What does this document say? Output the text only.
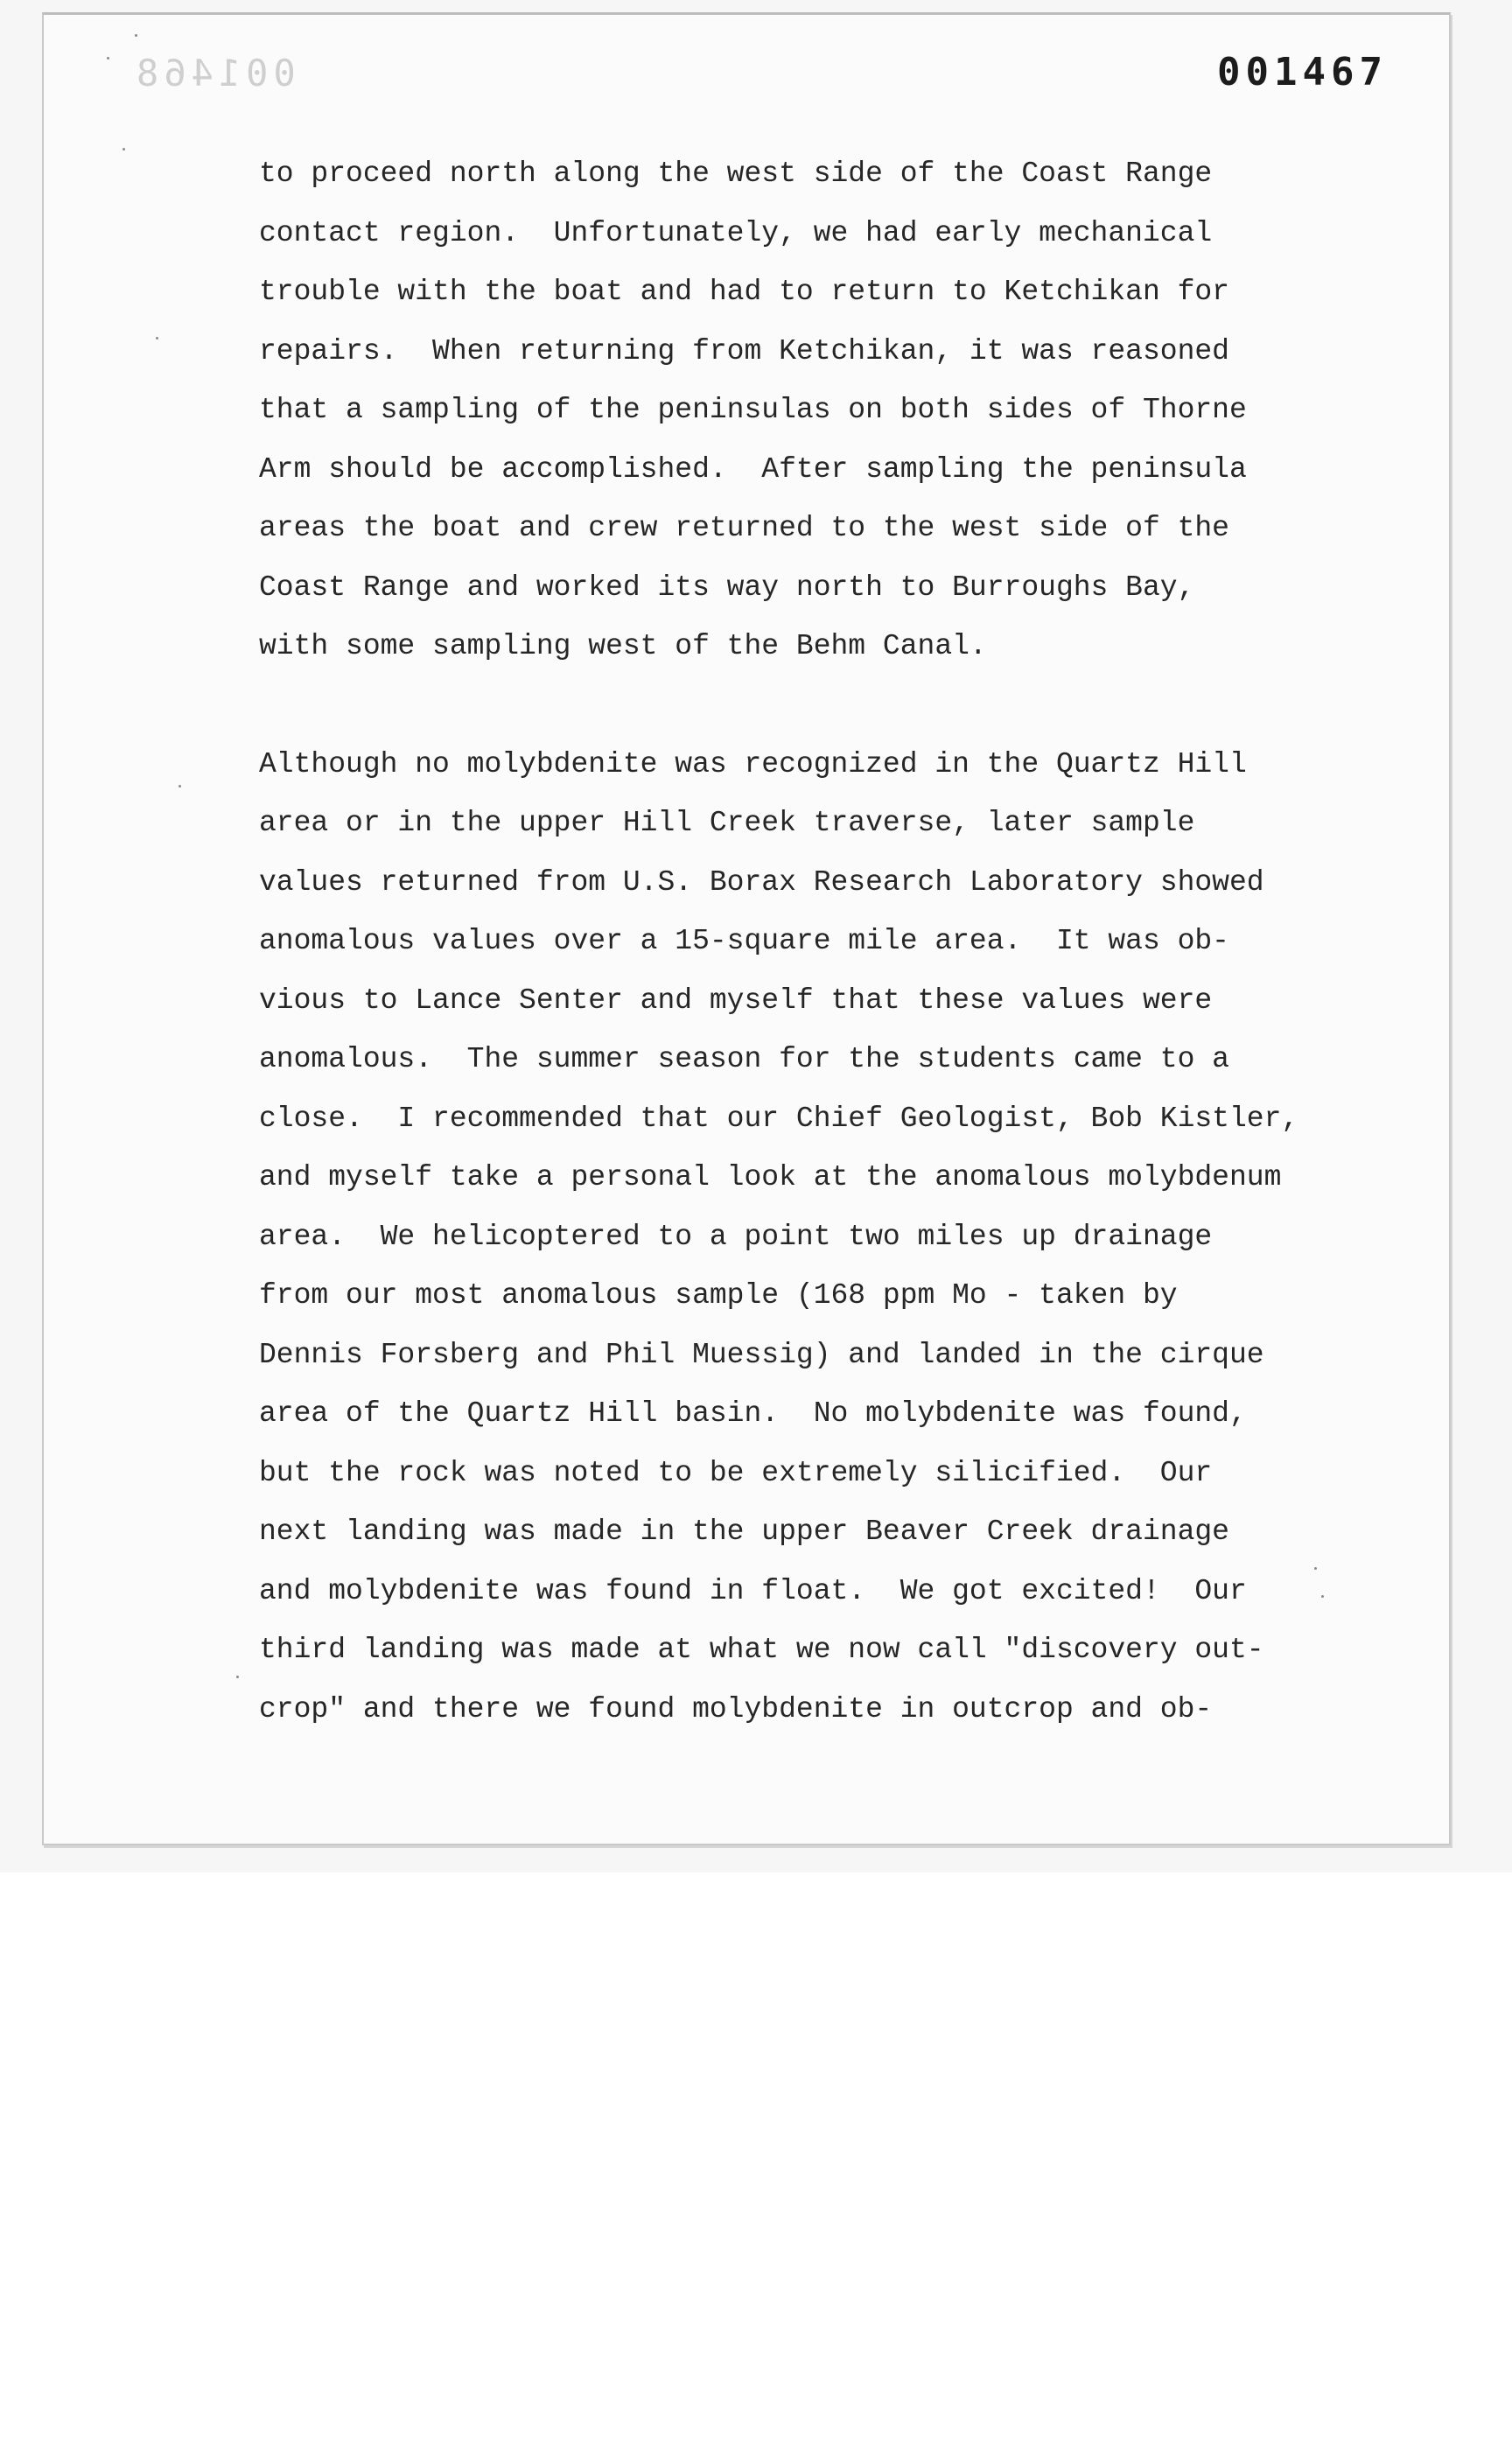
001468	001467
to proceed north along the west side of the Coast Range
contact region.  Unfortunately, we had early mechanical
trouble with the boat and had to return to Ketchikan for
repairs.  When returning from Ketchikan, it was reasoned
that a sampling of the peninsulas on both sides of Thorne
Arm should be accomplished.  After sampling the peninsula
areas the boat and crew returned to the west side of the
Coast Range and worked its way north to Burroughs Bay,
with some sampling west of the Behm Canal.
Although no molybdenite was recognized in the Quartz Hill
area or in the upper Hill Creek traverse, later sample
values returned from U.S. Borax Research Laboratory showed
anomalous values over a 15-square mile area.  It was ob-
vious to Lance Senter and myself that these values were
anomalous.  The summer season for the students came to a
close.  I recommended that our Chief Geologist, Bob Kistler,
and myself take a personal look at the anomalous molybdenum
area.  We helicoptered to a point two miles up drainage
from our most anomalous sample (168 ppm Mo - taken by
Dennis Forsberg and Phil Muessig) and landed in the cirque
area of the Quartz Hill basin.  No molybdenite was found,
but the rock was noted to be extremely silicified.  Our
next landing was made in the upper Beaver Creek drainage
and molybdenite was found in float.  We got excited!  Our
third landing was made at what we now call "discovery out-
crop" and there we found molybdenite in outcrop and ob-
